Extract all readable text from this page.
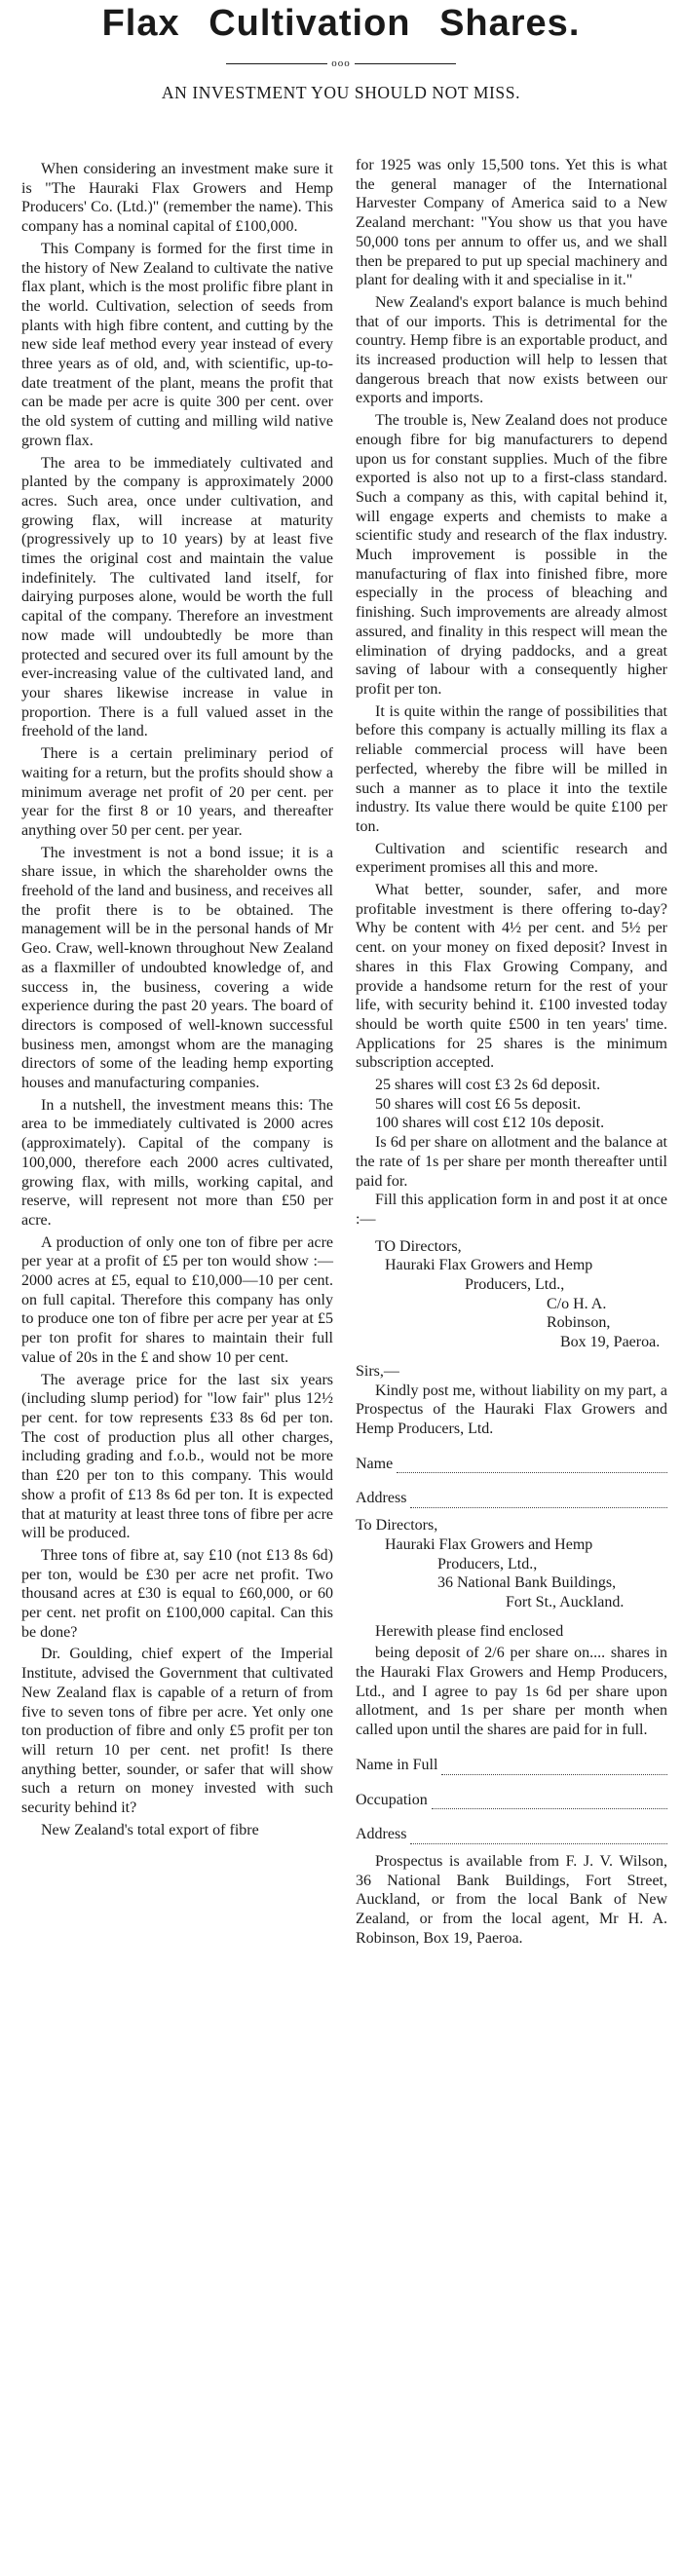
Flax Cultivation Shares.
ooo
AN INVESTMENT YOU SHOULD NOT MISS.

When considering an investment make sure it is "The Hauraki Flax Growers and Hemp Producers' Co. (Ltd.)" (remember the name). This company has a nominal capital of £100,000.

This Company is formed for the first time in the history of New Zealand to cultivate the native flax plant, which is the most prolific fibre plant in the world. Cultivation, selection of seeds from plants with high fibre content, and cutting by the new side leaf method every year instead of every three years as of old, and, with scientific, up-to-date treatment of the plant, means the profit that can be made per acre is quite 300 per cent. over the old system of cutting and milling wild native grown flax.

The area to be immediately cultivated and planted by the company is approximately 2000 acres. Such area, once under cultivation, and growing flax, will increase at maturity (progressively up to 10 years) by at least five times the original cost and maintain the value indefinitely. The cultivated land itself, for dairying purposes alone, would be worth the full capital of the company. Therefore an investment now made will undoubtedly be more than protected and secured over its full amount by the ever-increasing value of the cultivated land, and your shares likewise increase in value in proportion. There is a full valued asset in the freehold of the land.

There is a certain preliminary period of waiting for a return, but the profits should show a minimum average net profit of 20 per cent. per year for the first 8 or 10 years, and thereafter anything over 50 per cent. per year.

The investment is not a bond issue; it is a share issue, in which the shareholder owns the freehold of the land and business, and receives all the profit there is to be obtained. The management will be in the personal hands of Mr Geo. Craw, well-known throughout New Zealand as a flaxmiller of undoubted knowledge of, and success in, the business, covering a wide experience during the past 20 years. The board of directors is composed of well-known successful business men, amongst whom are the managing directors of some of the leading hemp exporting houses and manufacturing companies.

In a nutshell, the investment means this: The area to be immediately cultivated is 2000 acres (approximately). Capital of the company is 100,000, therefore each 2000 acres cultivated, growing flax, with mills, working capital, and reserve, will represent not more than £50 per acre.

A production of only one ton of fibre per acre per year at a profit of £5 per ton would show :—2000 acres at £5, equal to £10,000—10 per cent. on full capital. Therefore this company has only to produce one ton of fibre per acre per year at £5 per ton profit for shares to maintain their full value of 20s in the £ and show 10 per cent.

The average price for the last six years (including slump period) for "low fair" plus 12½ per cent. for tow represents £33 8s 6d per ton. The cost of production plus all other charges, including grading and f.o.b., would not be more than £20 per ton to this company. This would show a profit of £13 8s 6d per ton. It is expected that at maturity at least three tons of fibre per acre will be produced.

Three tons of fibre at, say £10 (not £13 8s 6d) per ton, would be £30 per acre net profit. Two thousand acres at £30 is equal to £60,000, or 60 per cent. net profit on £100,000 capital. Can this be done?

Dr. Goulding, chief expert of the Imperial Institute, advised the Government that cultivated New Zealand flax is capable of a return of from five to seven tons of fibre per acre. Yet only one ton production of fibre and only £5 profit per ton will return 10 per cent. net profit! Is there anything better, sounder, or safer that will show such a return on money invested with such security behind it?

New Zealand's total export of fibre

for 1925 was only 15,500 tons. Yet this is what the general manager of the International Harvester Company of America said to a New Zealand merchant: "You show us that you have 50,000 tons per annum to offer us, and we shall then be prepared to put up special machinery and plant for dealing with it and specialise in it."

New Zealand's export balance is much behind that of our imports. This is detrimental for the country. Hemp fibre is an exportable product, and its increased production will help to lessen that dangerous breach that now exists between our exports and imports.

The trouble is, New Zealand does not produce enough fibre for big manufacturers to depend upon us for constant supplies. Much of the fibre exported is also not up to a first-class standard. Such a company as this, with capital behind it, will engage experts and chemists to make a scientific study and research of the flax industry. Much improvement is possible in the manufacturing of flax into finished fibre, more especially in the process of bleaching and finishing. Such improvements are already almost assured, and finality in this respect will mean the elimination of drying paddocks, and a great saving of labour with a consequently higher profit per ton.

It is quite within the range of possibilities that before this company is actually milling its flax a reliable commercial process will have been perfected, whereby the fibre will be milled in such a manner as to place it into the textile industry. Its value there would be quite £100 per ton.

Cultivation and scientific research and experiment promises all this and more.

What better, sounder, safer, and more profitable investment is there offering to-day? Why be content with 4½ per cent. and 5½ per cent. on your money on fixed deposit? Invest in shares in this Flax Growing Company, and provide a handsome return for the rest of your life, with security behind it. £100 invested today should be worth quite £500 in ten years' time. Applications for 25 shares is the minimum subscription accepted.

25 shares will cost £3 2s 6d deposit.
50 shares will cost £6 5s deposit.
100 shares will cost £12 10s deposit.
Is 6d per share on allotment and the balance at the rate of 1s per share per month thereafter until paid for.

Fill this application form in and post it at once :—

TO Directors,
Hauraki Flax Growers and Hemp
Producers, Ltd.,
C/o H. A. Robinson,
Box 19, Paeroa.
Sirs,—

Kindly post me, without liability on my part, a Prospectus of the Hauraki Flax Growers and Hemp Producers, Ltd.

Name
Address
To Directors,
Hauraki Flax Growers and Hemp
Producers, Ltd.,
36 National Bank Buildings,
Fort St., Auckland.

Herewith please find enclosed

being deposit of 2/6 per share on.... shares in the Hauraki Flax Growers and Hemp Producers, Ltd., and I agree to pay 1s 6d per share upon allotment, and 1s per share per month when called upon until the shares are paid for in full.

Name in Full
Occupation
Address

Prospectus is available from F. J. V. Wilson, 36 National Bank Buildings, Fort Street, Auckland, or from the local Bank of New Zealand, or from the local agent, Mr H. A. Robinson, Box 19, Paeroa.
